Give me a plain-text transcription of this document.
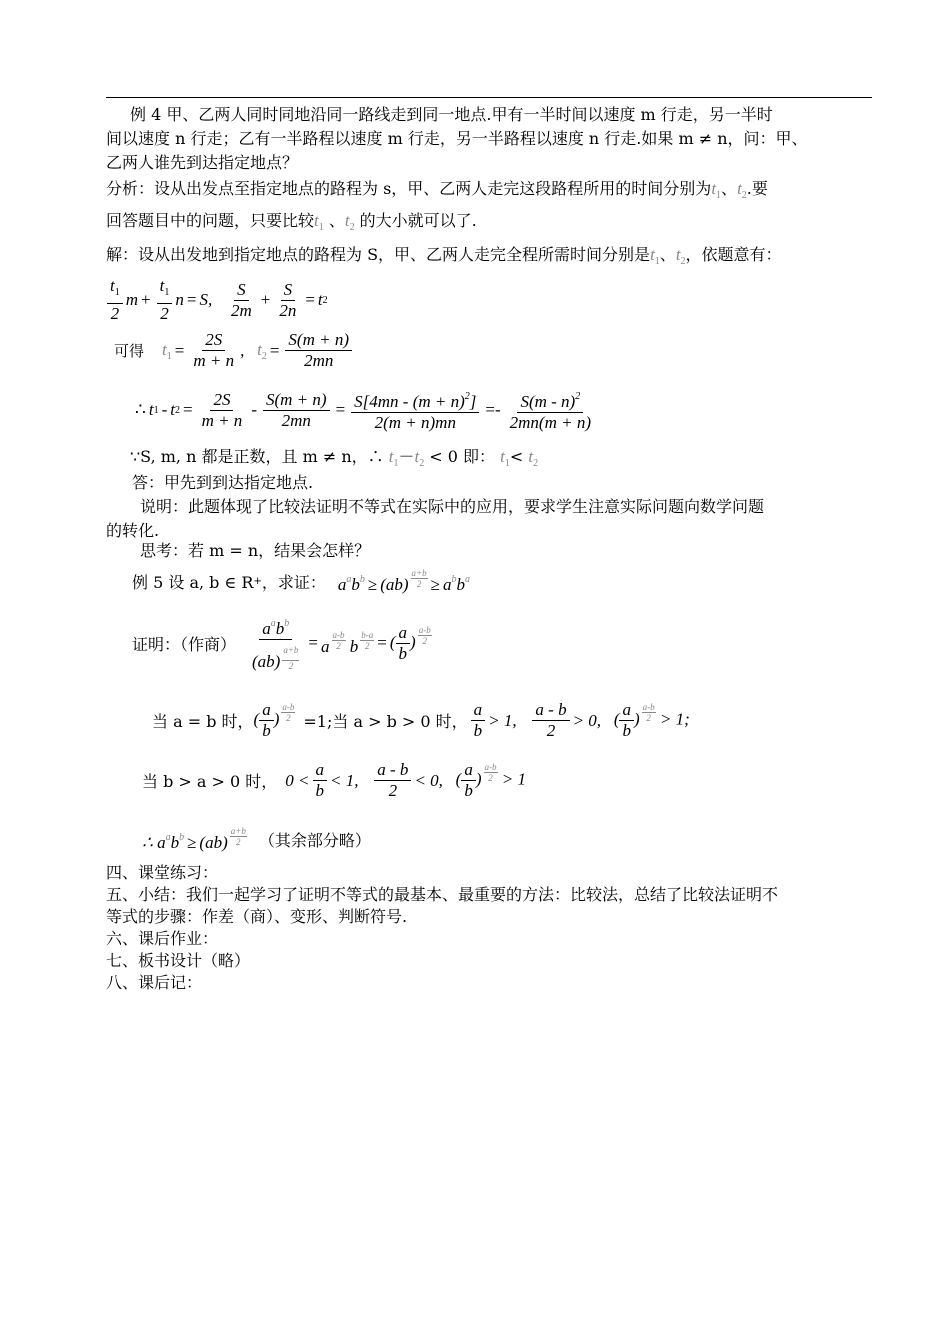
例 4 甲、乙两人同时同地沿同一路线走到同一地点.甲有一半时间以速度 m 行走，另一半时
间以速度 n 行走；乙有一半路程以速度 m 行走，另一半路程以速度 n 行走.如果 m ≠ n，问：甲、
乙两人谁先到达指定地点？
分析：设从出发点至指定地点的路程为 s，甲、乙两人走完这段路程所用的时间分别为$t_1$、$t_2$.要
回答题目中的问题，只要比较$t_1$ 、$t_2$ 的大小就可以了.
解：设从出发地到指定地点的路程为 S，甲、乙两人走完全程所需时间分别是$t_1$、$t_2$，依题意有：
$\frac{t_1}{2}$ $m + \frac{t_1}{2}$ n = S, $\frac{S}{2m} + \frac{S}{2n} = t$ 2
可得 $t_1 = \frac{2S}{m + n}$ , $t_2 = \frac{S(m + n)}{2mn}$
∴ t 1 - t $2 = \frac{2S}{m + n} - \frac{S(m + n)}{2mn} = \frac{S[4mn - (m + n)^2]}{2(m + n)mn} =- \frac{S(m - n)^2}{2mn(m + n)}$
∵S, m, n 都是正数，且 m ≠ n，∴ $t_1-t_2 < 0$ 即： $t_1< t_2$
答：甲先到到达指定地点.
说明：此题体现了比较法证明不等式在实际中的应用，要求学生注意实际问题向数学问题
的转化.
思考：若 m = n，结果会怎样？
例 5 设 a, b ∈ R + ，求证： $a^ab^b \ge (ab) \frac{a+b}{2} \ge a^bb^a$
证明：（作商） $\frac{a^ab^b}{(ab) \frac{a+b}{2}} = a \frac{a-b}{2}$ b $\frac{b-a}{2}$ = ( $\frac{a}{b}$ ) $\frac{a-b}{2}$
当 a = b 时， ( $\frac{a}{b}$ ) $\frac{a-b}{2} =1$;当 a > b > 0 时， $\frac{a}{b} > 1$, $\frac{a - b}{2} > 0$, ( $\frac{a}{b}$ ) $\frac{a-b}{2} > 1$;
当 b > a > 0 时， $0 < \frac{a}{b} < 1$, $\frac{a - b}{2} < 0$, ( $\frac{a}{b}$ ) $\frac{a-b}{2} > 1$
∴ $a^ab^b \ge (ab) \frac{a+b}{2}$ （其余部分略）
四、课堂练习：
五、小结：我们一起学习了证明不等式的最基本、最重要的方法：比较法，总结了比较法证明不
等式的步骤：作差（商）、变形、判断符号.
六、课后作业：
七、板书设计（略）
八、课后记：
